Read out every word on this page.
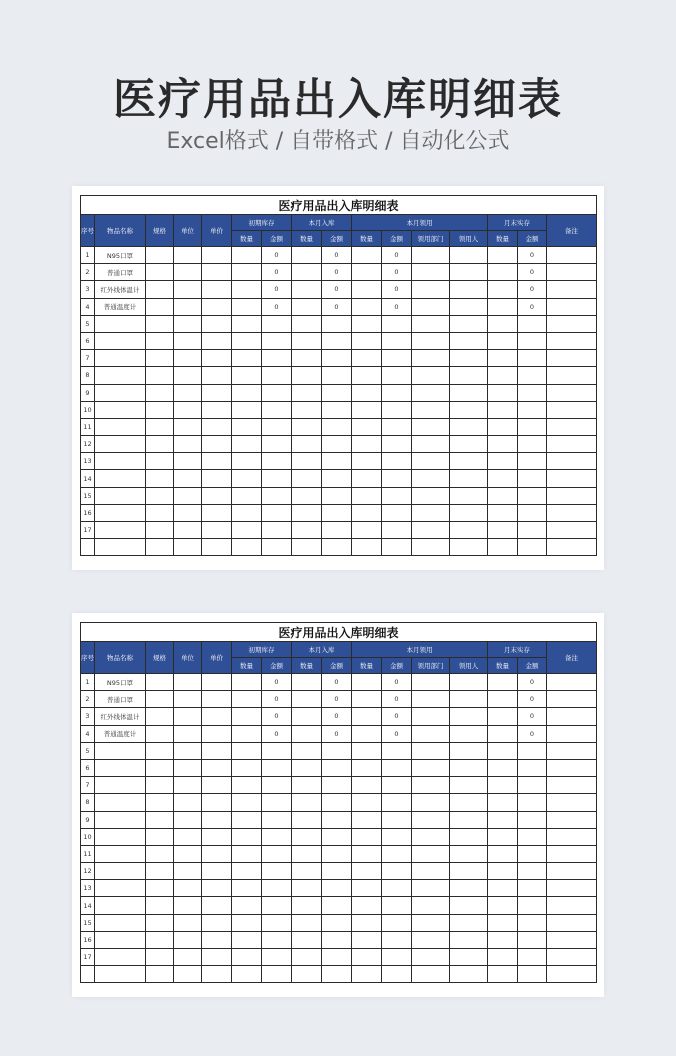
医疗用品出入库明细表
Excel格式 / 自带格式 / 自动化公式
医疗用品出入库明细表															
序号	物品名称	规格	单位	单价	初期库存		本月入库		本月领用				月末实存		备注
					数量	金额	数量	金额	数量	金额	领用部门	领用人	数量	金额	
1	N95口罩					0		0		0				0	
2	普通口罩					0		0		0				0	
3	红外线体温计					0		0		0				0	
4	普通温度计					0		0		0				0	
5															
6															
7															
8															
9															
10															
11															
12															
13															
14															
15															
16															
17															

医疗用品出入库明细表															
序号	物品名称	规格	单位	单价	初期库存		本月入库		本月领用				月末实存		备注
					数量	金额	数量	金额	数量	金额	领用部门	领用人	数量	金额	
1	N95口罩					0		0		0				0	
2	普通口罩					0		0		0				0	
3	红外线体温计					0		0		0				0	
4	普通温度计					0		0		0				0	
5															
6															
7															
8															
9															
10															
11															
12															
13															
14															
15															
16															
17															
